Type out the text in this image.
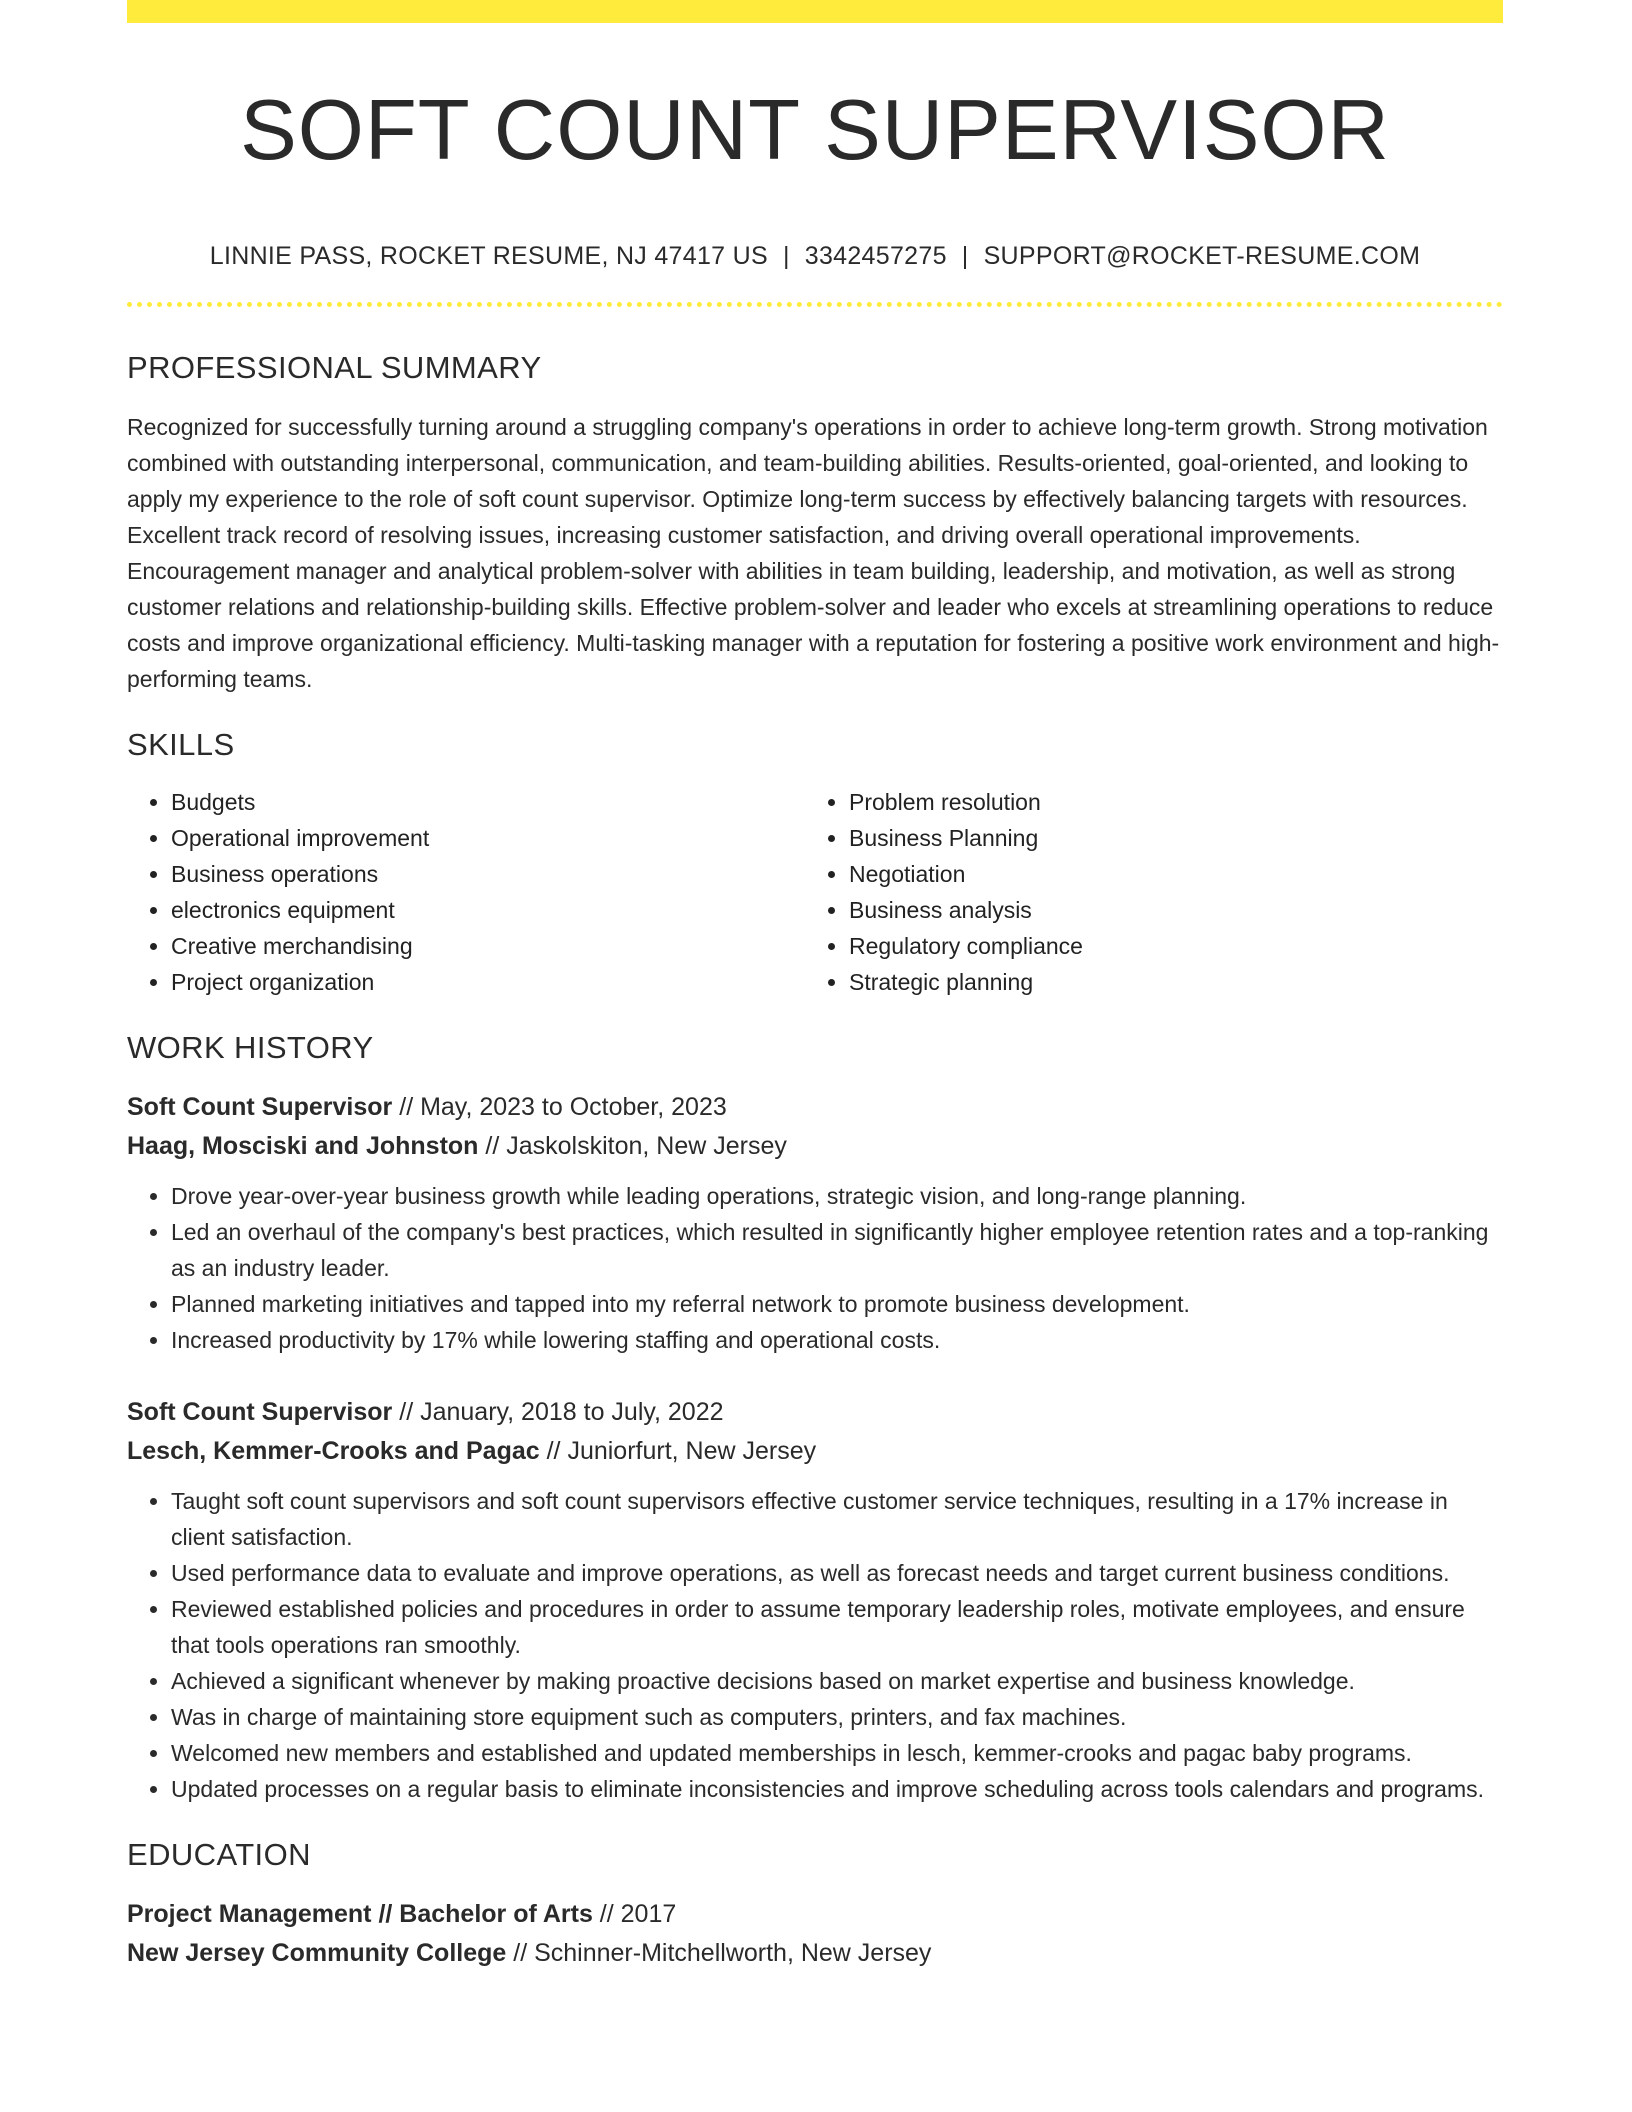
SOFT COUNT SUPERVISOR
LINNIE PASS, ROCKET RESUME, NJ 47417 US | 3342457275 | SUPPORT@ROCKET-RESUME.COM
PROFESSIONAL SUMMARY

Recognized for successfully turning around a struggling company's operations in order to achieve long-term growth. Strong motivation combined with outstanding interpersonal, communication, and team-building abilities. Results-oriented, goal-oriented, and looking to apply my experience to the role of soft count supervisor. Optimize long-term success by effectively balancing targets with resources. Excellent track record of resolving issues, increasing customer satisfaction, and driving overall operational improvements. Encouragement manager and analytical problem-solver with abilities in team building, leadership, and motivation, as well as strong customer relations and relationship-building skills. Effective problem-solver and leader who excels at streamlining operations to reduce costs and improve organizational efficiency. Multi-tasking manager with a reputation for fostering a positive work environment and high-performing teams.

SKILLS
• Budgets
• Operational improvement
• Business operations
• electronics equipment
• Creative merchandising
• Project organization
• Problem resolution
• Business Planning
• Negotiation
• Business analysis
• Regulatory compliance
• Strategic planning
WORK HISTORY
Soft Count Supervisor // May, 2023 to October, 2023
Haag, Mosciski and Johnston // Jaskolskiton, New Jersey
• Drove year-over-year business growth while leading operations, strategic vision, and long-range planning.
• Led an overhaul of the company's best practices, which resulted in significantly higher employee retention rates and a top-ranking as an industry leader.
• Planned marketing initiatives and tapped into my referral network to promote business development.
• Increased productivity by 17% while lowering staffing and operational costs.
Soft Count Supervisor // January, 2018 to July, 2022
Lesch, Kemmer-Crooks and Pagac // Juniorfurt, New Jersey
• Taught soft count supervisors and soft count supervisors effective customer service techniques, resulting in a 17% increase in client satisfaction.
• Used performance data to evaluate and improve operations, as well as forecast needs and target current business conditions.
• Reviewed established policies and procedures in order to assume temporary leadership roles, motivate employees, and ensure that tools operations ran smoothly.
• Achieved a significant whenever by making proactive decisions based on market expertise and business knowledge.
• Was in charge of maintaining store equipment such as computers, printers, and fax machines.
• Welcomed new members and established and updated memberships in lesch, kemmer-crooks and pagac baby programs.
• Updated processes on a regular basis to eliminate inconsistencies and improve scheduling across tools calendars and programs.
EDUCATION
Project Management // Bachelor of Arts // 2017
New Jersey Community College // Schinner-Mitchellworth, New Jersey
